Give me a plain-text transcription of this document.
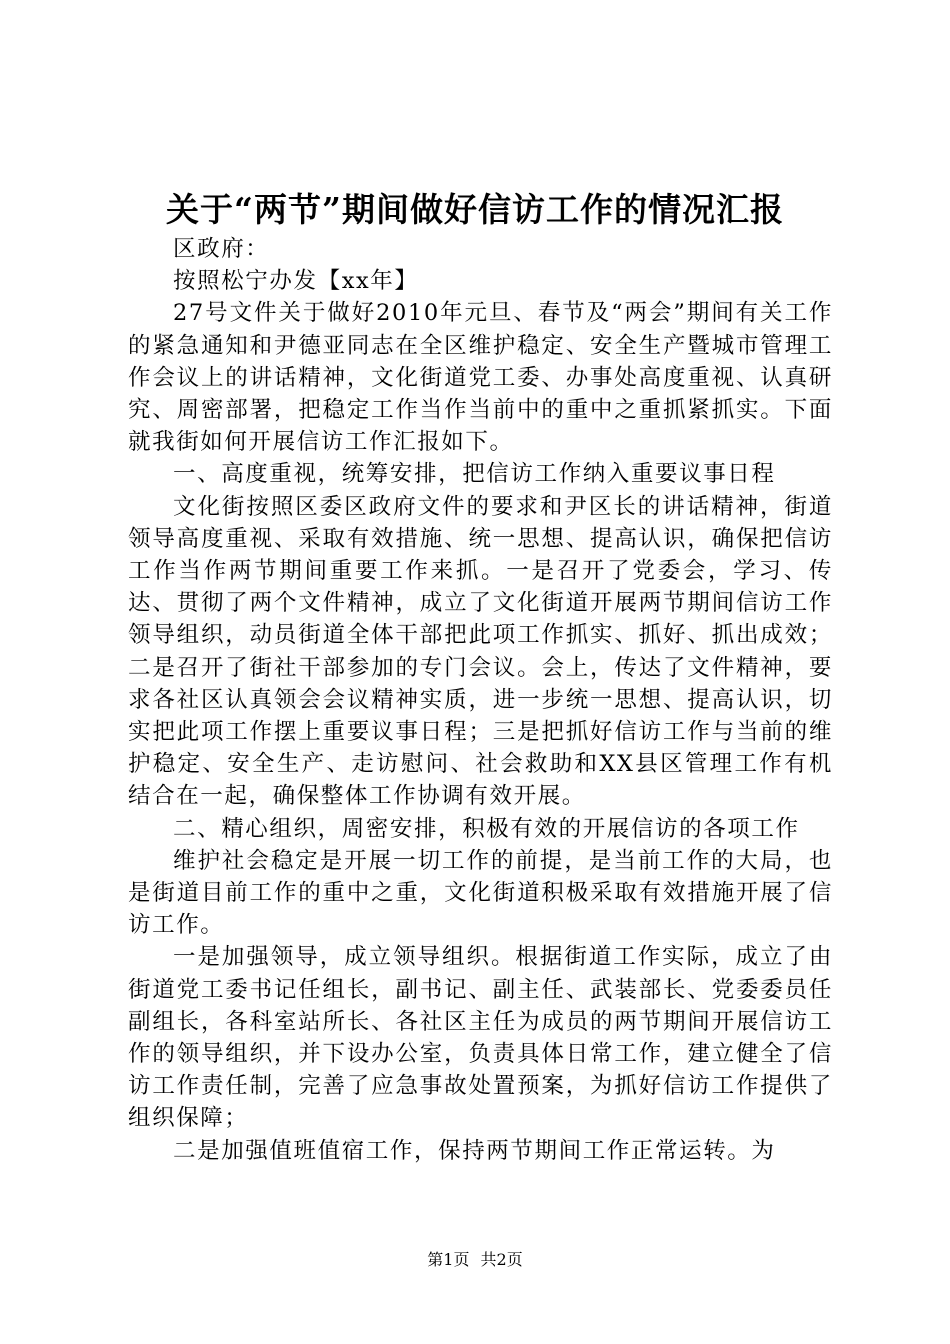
关于“两节”期间做好信访工作的情况汇报

区政府：

按照松宁办发【xx年】

27号文件关于做好2010年元旦、春节及“两会”期间有关工作的紧急通知和尹德亚同志在全区维护稳定、安全生产暨城市管理工作会议上的讲话精神，文化街道党工委、办事处高度重视、认真研究、周密部署，把稳定工作当作当前中的重中之重抓紧抓实。下面就我街如何开展信访工作汇报如下。

一、高度重视，统筹安排，把信访工作纳入重要议事日程

文化街按照区委区政府文件的要求和尹区长的讲话精神，街道领导高度重视、采取有效措施、统一思想、提高认识，确保把信访工作当作两节期间重要工作来抓。一是召开了党委会，学习、传达、贯彻了两个文件精神，成立了文化街道开展两节期间信访工作领导组织，动员街道全体干部把此项工作抓实、抓好、抓出成效；二是召开了街社干部参加的专门会议。会上，传达了文件精神，要求各社区认真领会会议精神实质，进一步统一思想、提高认识，切实把此项工作摆上重要议事日程；三是把抓好信访工作与当前的维护稳定、安全生产、走访慰问、社会救助和XX县区管理工作有机结合在一起，确保整体工作协调有效开展。

二、精心组织，周密安排，积极有效的开展信访的各项工作

维护社会稳定是开展一切工作的前提，是当前工作的大局，也是街道目前工作的重中之重，文化街道积极采取有效措施开展了信访工作。

一是加强领导，成立领导组织。根据街道工作实际，成立了由街道党工委书记任组长，副书记、副主任、武装部长、党委委员任副组长，各科室站所长、各社区主任为成员的两节期间开展信访工作的领导组织，并下设办公室，负责具体日常工作，建立健全了信访工作责任制，完善了应急事故处置预案，为抓好信访工作提供了组织保障；

二是加强值班值宿工作，保持两节期间工作正常运转。为

第1页 共2页
